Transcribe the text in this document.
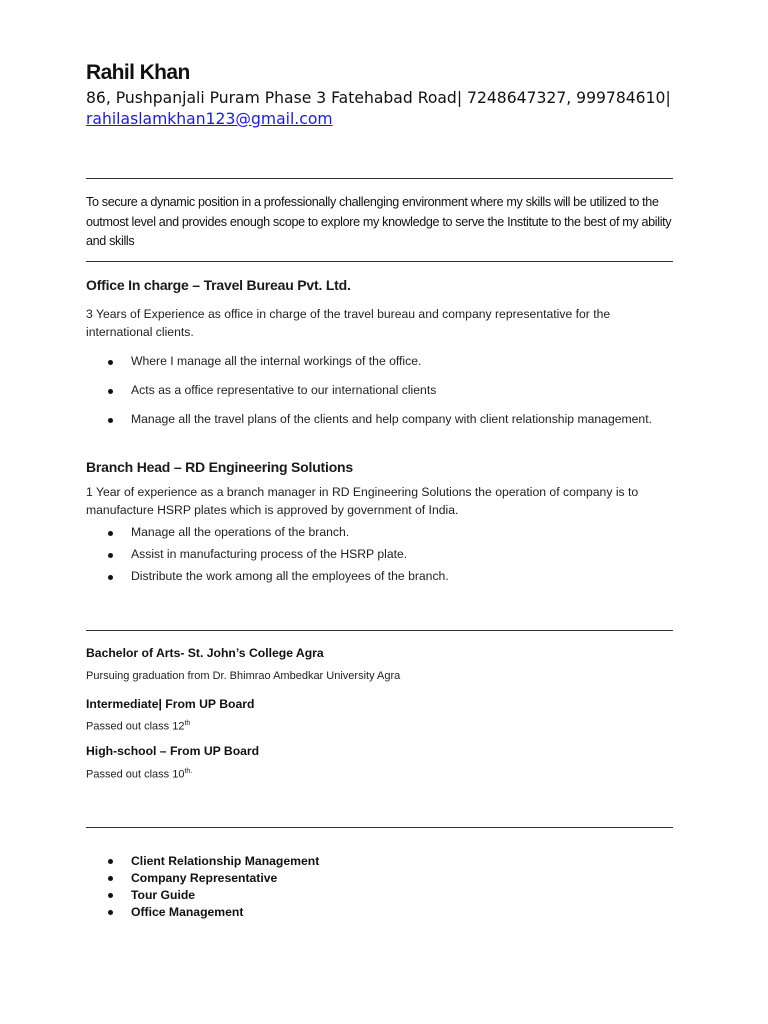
Rahil Khan
86, Pushpanjali Puram Phase 3 Fatehabad Road| 7248647327, 999784610| rahilaslamkhan123@gmail.com
To secure a dynamic position in a professionally challenging environment where my skills will be utilized to the outmost level and provides enough scope to explore my knowledge to serve the Institute to the best of my ability and skills
Office In charge – Travel Bureau Pvt. Ltd.
3 Years of Experience as office in charge of the travel bureau and company representative for the international clients.
Where I manage all the internal workings of the office.
Acts as a office representative to our international clients
Manage all the travel plans of the clients and help company with client relationship management.
Branch Head – RD Engineering Solutions
1 Year of experience as a branch manager in RD Engineering Solutions the operation of company is to manufacture HSRP plates which is approved by government of India.
Manage all the operations of the branch.
Assist in manufacturing process of the HSRP plate.
Distribute the work among all the employees of the branch.
Bachelor of Arts- St. John’s College Agra
Pursuing graduation from Dr. Bhimrao Ambedkar University Agra
Intermediate| From UP Board
Passed out class 12th
High-school – From UP Board
Passed out class $10^{th.}$
Client Relationship Management
Company Representative
Tour Guide
Office Management
